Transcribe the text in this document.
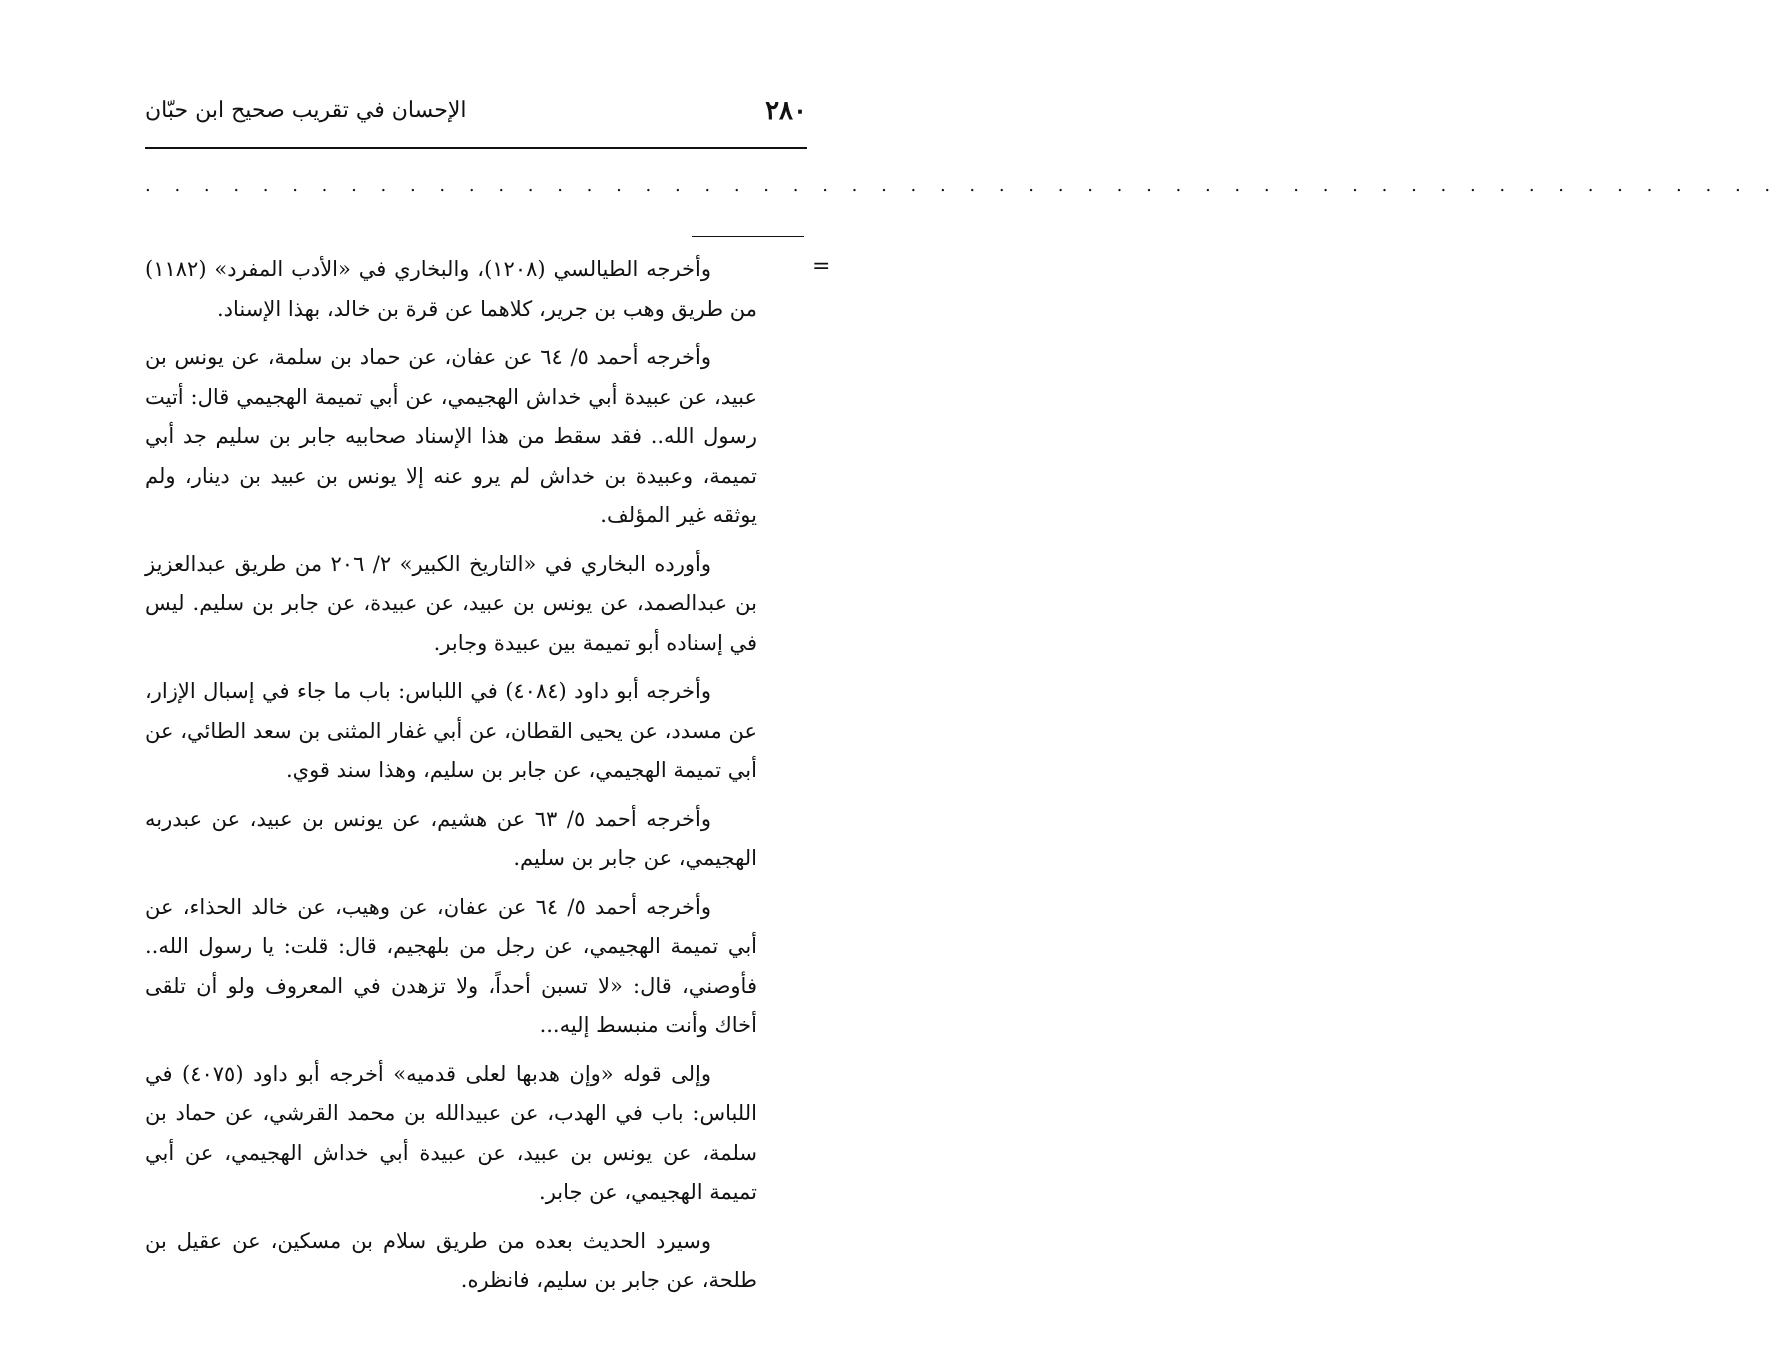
٢٨٠
الإحسان في تقريب صحيح ابن حبّان
. . . . . . . . . . . . . . . . . . . . . . . . . . . . . . . . . . . . . . . . . . . . . . . . . . . . . . . .
=

وأخرجه الطيالسي (١٢٠٨)، والبخاري في «الأدب المفرد» (١١٨٢) من طريق وهب بن جرير، كلاهما عن قرة بن خالد، بهذا الإسناد.

وأخرجه أحمد ٥/ ٦٤ عن عفان، عن حماد بن سلمة، عن يونس بن عبيد، عن عبيدة أبي خداش الهجيمي، عن أبي تميمة الهجيمي قال: أتيت رسول الله.. فقد سقط من هذا الإسناد صحابيه جابر بن سليم جد أبي تميمة، وعبيدة بن خداش لم يرو عنه إلا يونس بن عبيد بن دينار، ولم يوثقه غير المؤلف.

وأورده البخاري في «التاريخ الكبير» ٢/ ٢٠٦ من طريق عبدالعزيز بن عبدالصمد، عن يونس بن عبيد، عن عبيدة، عن جابر بن سليم. ليس في إسناده أبو تميمة بين عبيدة وجابر.

وأخرجه أبو داود (٤٠٨٤) في اللباس: باب ما جاء في إسبال الإزار، عن مسدد، عن يحيى القطان، عن أبي غفار المثنى بن سعد الطائي، عن أبي تميمة الهجيمي، عن جابر بن سليم، وهذا سند قوي.

وأخرجه أحمد ٥/ ٦٣ عن هشيم، عن يونس بن عبيد، عن عبدربه الهجيمي، عن جابر بن سليم.

وأخرجه أحمد ٥/ ٦٤ عن عفان، عن وهيب، عن خالد الحذاء، عن أبي تميمة الهجيمي، عن رجل من بلهجيم، قال: قلت: يا رسول الله.. فأوصني، قال: «لا تسبن أحداً، ولا تزهدن في المعروف ولو أن تلقى أخاك وأنت منبسط إليه...

وإلى قوله «وإن هدبها لعلى قدميه» أخرجه أبو داود (٤٠٧٥) في اللباس: باب في الهدب، عن عبيدالله بن محمد القرشي، عن حماد بن سلمة، عن يونس بن عبيد، عن عبيدة أبي خداش الهجيمي، عن أبي تميمة الهجيمي، عن جابر.

وسيرد الحديث بعده من طريق سلام بن مسكين، عن عقيل بن طلحة، عن جابر بن سليم، فانظره.
